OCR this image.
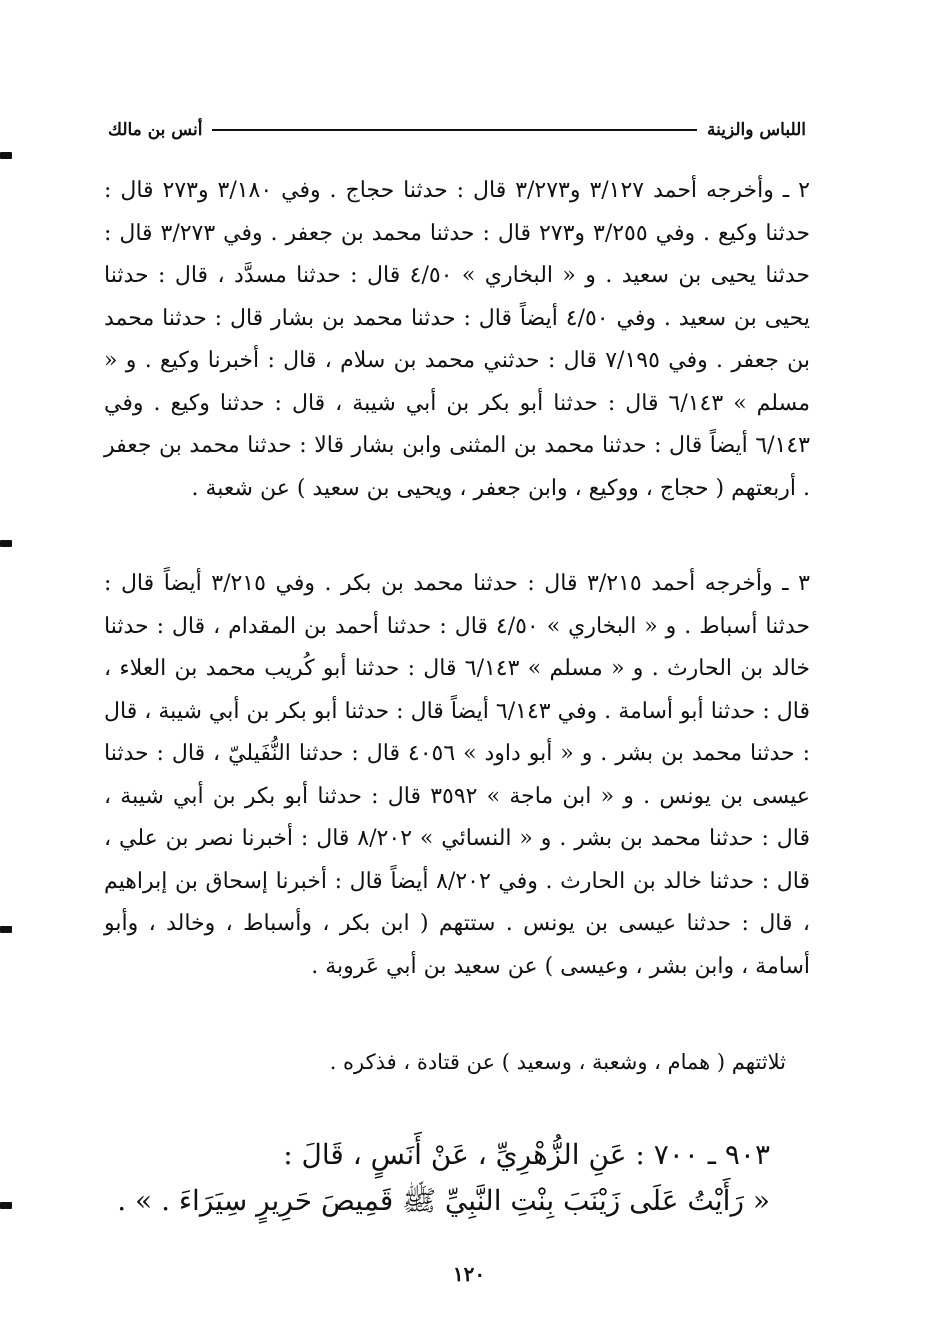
اللباس والزينة
أنس بن مالك

٢ ـ وأخرجه أحمد ٣/١٢٧ و٣/٢٧٣ قال : حدثنا حجاج . وفي ٣/١٨٠ و٢٧٣ قال : حدثنا وكيع . وفي ٣/٢٥٥ و٢٧٣ قال : حدثنا محمد بن جعفر . وفي ٣/٢٧٣ قال : حدثنا يحيى بن سعيد . و « البخاري » ٤/٥٠ قال : حدثنا مسدَّد ، قال : حدثنا يحيى بن سعيد . وفي ٤/٥٠ أيضاً قال : حدثنا محمد بن بشار قال : حدثنا محمد بن جعفر . وفي ٧/١٩٥ قال : حدثني محمد بن سلام ، قال : أخبرنا وكيع . و « مسلم » ٦/١٤٣ قال : حدثنا أبو بكر بن أبي شيبة ، قال : حدثنا وكيع . وفي ٦/١٤٣ أيضاً قال : حدثنا محمد بن المثنى وابن بشار قالا : حدثنا محمد بن جعفر . أربعتهم ( حجاج ، ووكيع ، وابن جعفر ، ويحيى بن سعيد ) عن شعبة .

٣ ـ وأخرجه أحمد ٣/٢١٥ قال : حدثنا محمد بن بكر . وفي ٣/٢١٥ أيضاً قال : حدثنا أسباط . و « البخاري » ٤/٥٠ قال : حدثنا أحمد بن المقدام ، قال : حدثنا خالد بن الحارث . و « مسلم » ٦/١٤٣ قال : حدثنا أبو كُريب محمد بن العلاء ، قال : حدثنا أبو أسامة . وفي ٦/١٤٣ أيضاً قال : حدثنا أبو بكر بن أبي شيبة ، قال : حدثنا محمد بن بشر . و « أبو داود » ٤٠٥٦ قال : حدثنا النُّفَيليّ ، قال : حدثنا عيسى بن يونس . و « ابن ماجة » ٣٥٩٢ قال : حدثنا أبو بكر بن أبي شيبة ، قال : حدثنا محمد بن بشر . و « النسائي » ٨/٢٠٢ قال : أخبرنا نصر بن علي ، قال : حدثنا خالد بن الحارث . وفي ٨/٢٠٢ أيضاً قال : أخبرنا إسحاق بن إبراهيم ، قال : حدثنا عيسى بن يونس . ستتهم ( ابن بكر ، وأسباط ، وخالد ، وأبو أسامة ، وابن بشر ، وعيسى ) عن سعيد بن أبي عَروبة .

ثلاثتهم ( همام ، وشعبة ، وسعيد ) عن قتادة ، فذكره .

٩٠٣ ـ ٧٠٠ : عَنِ الزُّهْرِيِّ ، عَنْ أَنَسٍ ، قَالَ :
« رَأَيْتُ عَلَى زَيْنَبَ بِنْتِ النَّبِيِّ ﷺ قَمِيصَ حَرِيرٍ سِيَرَاءَ . » .
١٢٠
